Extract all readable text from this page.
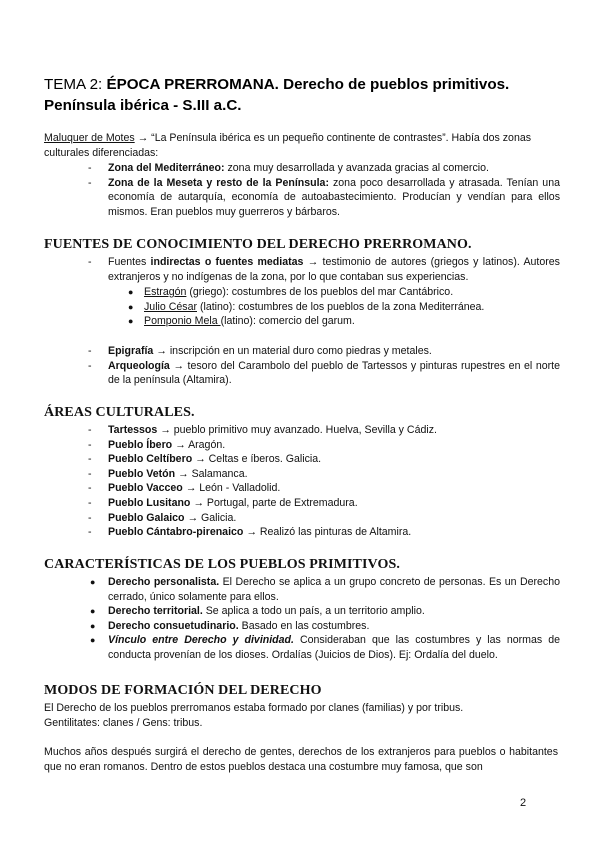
TEMA 2: ÉPOCA PRERROMANA. Derecho de pueblos primitivos.
Península ibérica - S.III a.C.
Maluquer de Motes → “La Península ibérica es un pequeño continente de contrastes”. Había dos zonas culturales diferenciadas:
- Zona del Mediterráneo: zona muy desarrollada y avanzada gracias al comercio.
- Zona de la Meseta y resto de la Península: zona poco desarrollada y atrasada. Tenían una economía de autarquía, economía de autoabastecimiento. Producían y vendían para ellos mismos. Eran pueblos muy guerreros y bárbaros.
FUENTES DE CONOCIMIENTO DEL DERECHO PRERROMANO.
- Fuentes indirectas o fuentes mediatas → testimonio de autores (griegos y latinos). Autores extranjeros y no indígenas de la zona, por lo que contaban sus experiencias.
● Estragón (griego): costumbres de los pueblos del mar Cantábrico.
● Julio César (latino): costumbres de los pueblos de la zona Mediterránea.
● Pomponio Mela (latino): comercio del garum.
- Epigrafía → inscripción en un material duro como piedras y metales.
- Arqueología → tesoro del Carambolo del pueblo de Tartessos y pinturas rupestres en el norte de la península (Altamira).
ÁREAS CULTURALES.
- Tartessos → pueblo primitivo muy avanzado. Huelva, Sevilla y Cádiz.
- Pueblo Íbero → Aragón.
- Pueblo Celtíbero → Celtas e íberos. Galicia.
- Pueblo Vetón → Salamanca.
- Pueblo Vacceo → León - Valladolid.
- Pueblo Lusitano → Portugal, parte de Extremadura.
- Pueblo Galaico → Galicia.
- Pueblo Cántabro-pirenaico → Realizó las pinturas de Altamira.
CARACTERÍSTICAS DE LOS PUEBLOS PRIMITIVOS.
● Derecho personalista. El Derecho se aplica a un grupo concreto de personas. Es un Derecho cerrado, único solamente para ellos.
● Derecho territorial. Se aplica a todo un país, a un territorio amplio.
● Derecho consuetudinario. Basado en las costumbres.
● Vínculo entre Derecho y divinidad. Consideraban que las costumbres y las normas de conducta provenían de los dioses. Ordalías (Juicios de Dios). Ej: Ordalía del duelo.
MODOS DE FORMACIÓN DEL DERECHO
El Derecho de los pueblos prerromanos estaba formado por clanes (familias) y por tribus.
Gentilitates: clanes / Gens: tribus.
Muchos años después surgirá el derecho de gentes, derechos de los extranjeros para pueblos o habitantes que no eran romanos. Dentro de estos pueblos destaca una costumbre muy famosa, que son
2
